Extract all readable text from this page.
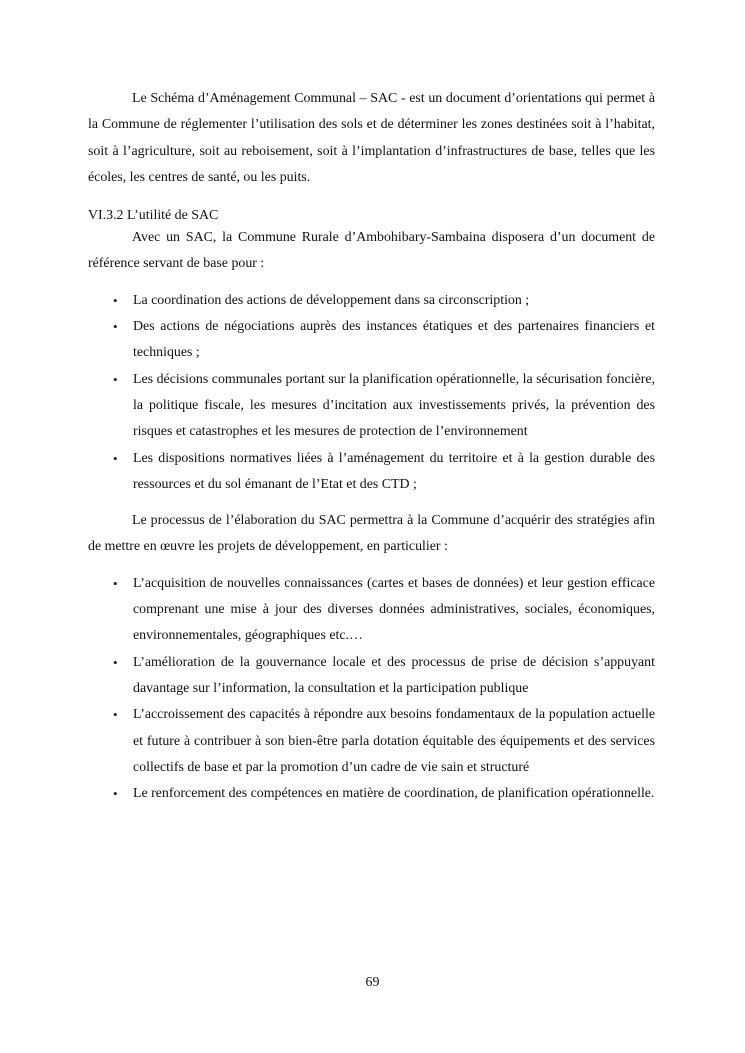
Le Schéma d’Aménagement Communal – SAC - est un document d’orientations qui permet à la Commune de réglementer l’utilisation des sols et de déterminer les zones destinées soit à l’habitat, soit à l’agriculture, soit au reboisement, soit à l’implantation d’infrastructures de base, telles que les écoles, les centres de santé, ou les puits.

VI.3.2 L’utilité de SAC

Avec un SAC, la Commune Rurale d’Ambohibary-Sambaina disposera d’un document de référence servant de base pour :

• La coordination des actions de développement dans sa circonscription ;
• Des actions de négociations auprès des instances étatiques et des partenaires financiers et techniques ;
• Les décisions communales portant sur la planification opérationnelle, la sécurisation foncière, la politique fiscale, les mesures d’incitation aux investissements privés, la prévention des risques et catastrophes et les mesures de protection de l’environnement
• Les dispositions normatives liées à l’aménagement du territoire et à la gestion durable des ressources et du sol émanant de l’Etat et des CTD ;

Le processus de l’élaboration du SAC permettra à la Commune d’acquérir des stratégies afin de mettre en œuvre les projets de développement, en particulier :

• L’acquisition de nouvelles connaissances (cartes et bases de données) et leur gestion efficace comprenant une mise à jour des diverses données administratives, sociales, économiques, environnementales, géographiques etc.…
• L’amélioration de la gouvernance locale et des processus de prise de décision s’appuyant davantage sur l’information, la consultation et la participation publique
• L’accroissement des capacités à répondre aux besoins fondamentaux de la population actuelle et future à contribuer à son bien-être parla dotation équitable des équipements et des services collectifs de base et par la promotion d’un cadre de vie sain et structuré
• Le renforcement des compétences en matière de coordination, de planification opérationnelle.
69
